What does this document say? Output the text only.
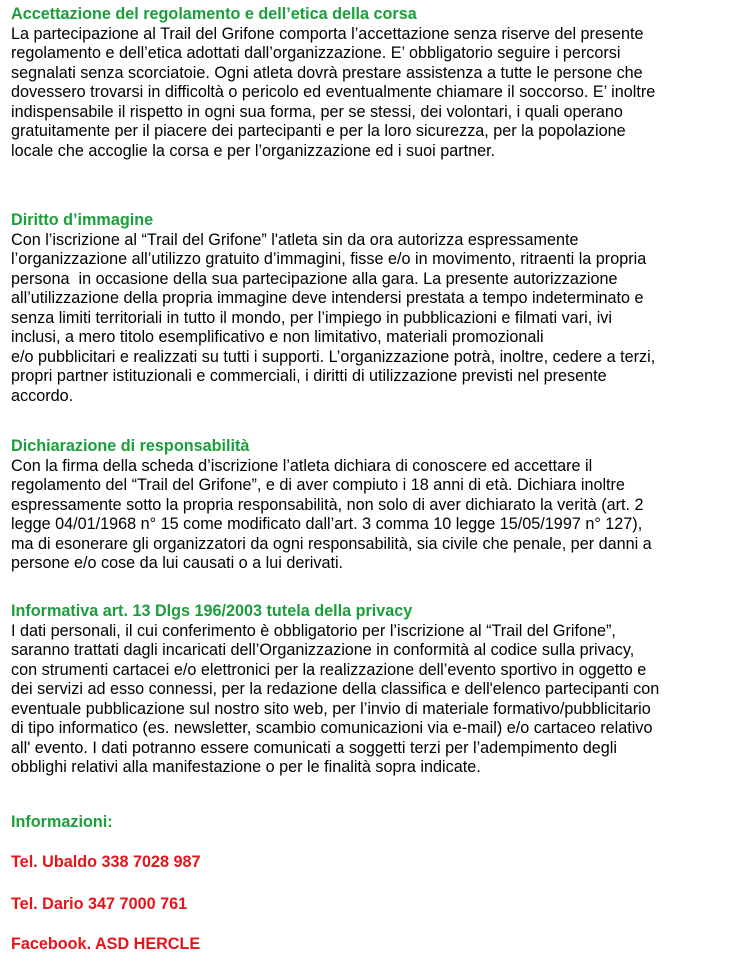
Accettazione del regolamento e dell’etica della corsa
La partecipazione al Trail del Grifone comporta l’accettazione senza riserve del presente
regolamento e dell’etica adottati dall’organizzazione. E’ obbligatorio seguire i percorsi
segnalati senza scorciatoie. Ogni atleta dovrà prestare assistenza a tutte le persone che
dovessero trovarsi in difficoltà o pericolo ed eventualmente chiamare il soccorso. E’ inoltre
indispensabile il rispetto in ogni sua forma, per se stessi, dei volontari, i quali operano
gratuitamente per il piacere dei partecipanti e per la loro sicurezza, per la popolazione
locale che accoglie la corsa e per l’organizzazione ed i suoi partner.
Diritto d’immagine
Con l’iscrizione al “Trail del Grifone” l'atleta sin da ora autorizza espressamente
l’organizzazione all’utilizzo gratuito d’immagini, fisse e/o in movimento, ritraenti la propria
persona  in occasione della sua partecipazione alla gara. La presente autorizzazione
all’utilizzazione della propria immagine deve intendersi prestata a tempo indeterminato e
senza limiti territoriali in tutto il mondo, per l’impiego in pubblicazioni e filmati vari, ivi
inclusi, a mero titolo esemplificativo e non limitativo, materiali promozionali
e/o pubblicitari e realizzati su tutti i supporti. L’organizzazione potrà, inoltre, cedere a terzi,
propri partner istituzionali e commerciali, i diritti di utilizzazione previsti nel presente
accordo.
Dichiarazione di responsabilità
Con la firma della scheda d’iscrizione l’atleta dichiara di conoscere ed accettare il
regolamento del “Trail del Grifone”, e di aver compiuto i 18 anni di età. Dichiara inoltre
espressamente sotto la propria responsabilità, non solo di aver dichiarato la verità (art. 2
legge 04/01/1968 n° 15 come modificato dall’art. 3 comma 10 legge 15/05/1997 n° 127),
ma di esonerare gli organizzatori da ogni responsabilità, sia civile che penale, per danni a
persone e/o cose da lui causati o a lui derivati.
Informativa art. 13 Dlgs 196/2003 tutela della privacy
I dati personali, il cui conferimento è obbligatorio per l’iscrizione al “Trail del Grifone”,
saranno trattati dagli incaricati dell’Organizzazione in conformità al codice sulla privacy,
con strumenti cartacei e/o elettronici per la realizzazione dell’evento sportivo in oggetto e
dei servizi ad esso connessi, per la redazione della classifica e dell'elenco partecipanti con
eventuale pubblicazione sul nostro sito web, per l’invio di materiale formativo/pubblicitario
di tipo informatico (es. newsletter, scambio comunicazioni via e-mail) e/o cartaceo relativo
all' evento. I dati potranno essere comunicati a soggetti terzi per l’adempimento degli
obblighi relativi alla manifestazione o per le finalità sopra indicate.
Informazioni:
Tel. Ubaldo 338 7028 987
Tel. Dario 347 7000 761
Facebook. ASD HERCLE
